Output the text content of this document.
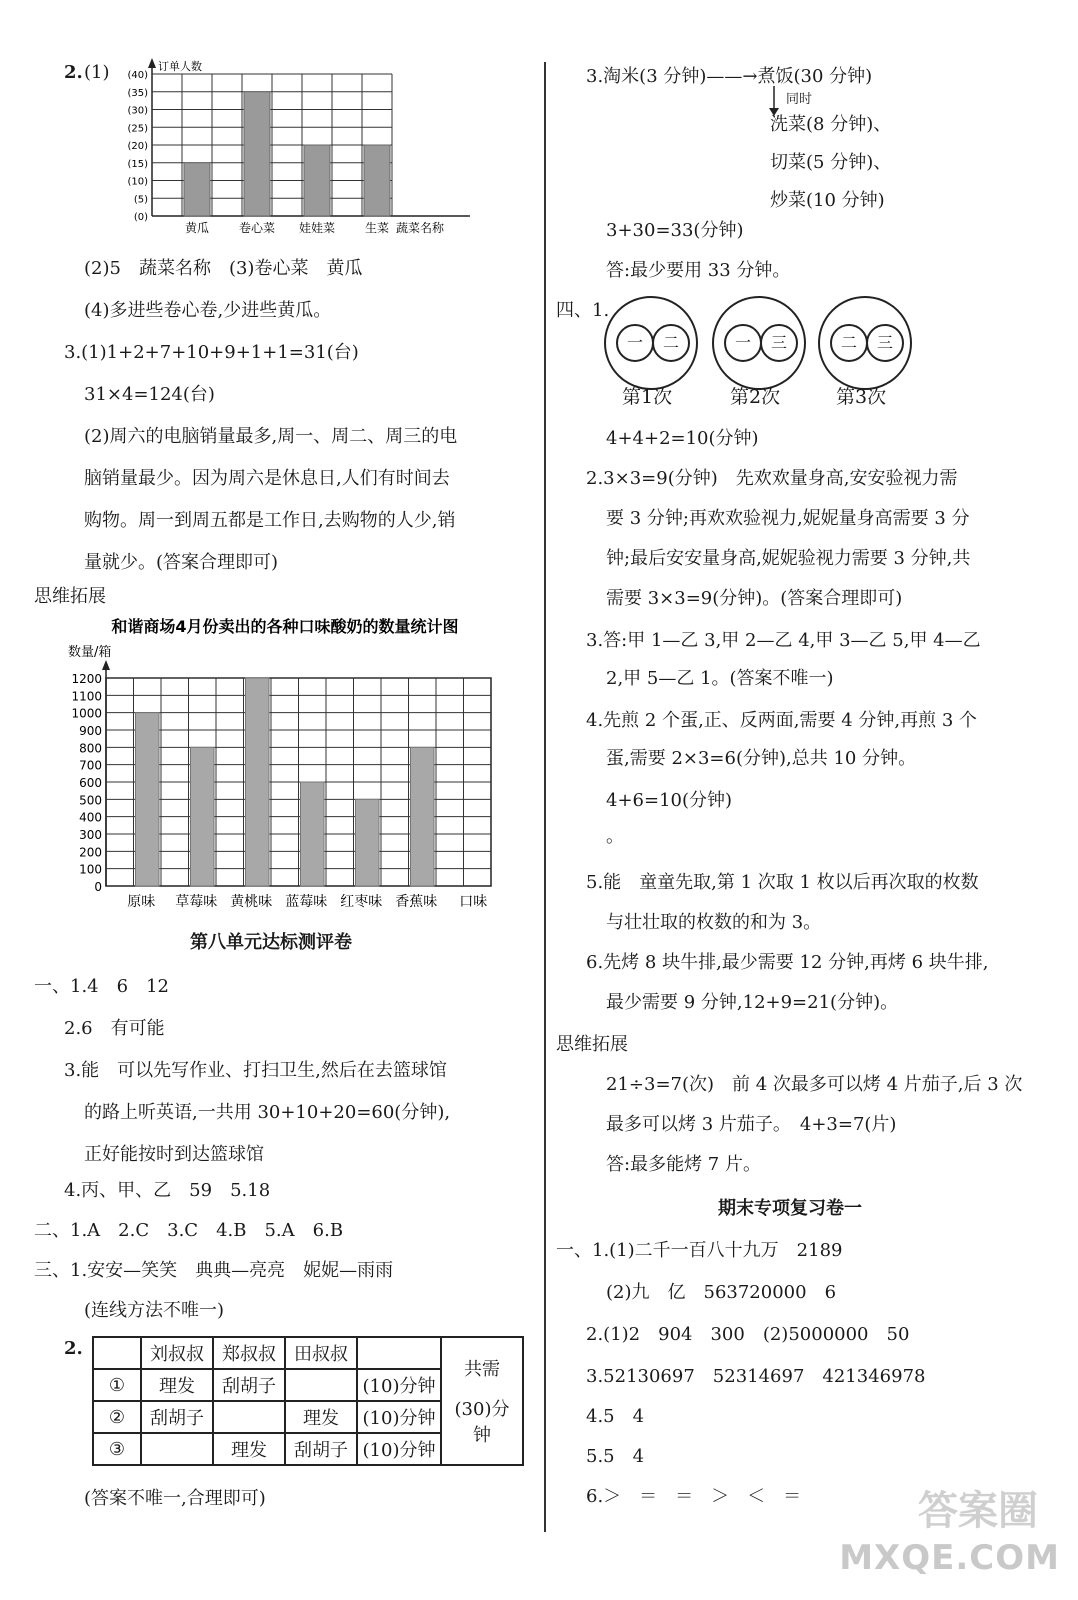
2. (1)	订单人数
(0)
(5)
(10)
(15)
(20)
(25)
(30)
(35)
(40)
黄瓜 卷心菜 娃娃菜 生菜 蔬菜名称
(2)5　蔬菜名称　(3)卷心菜　黄瓜
(4)多进些卷心卷,少进些黄瓜。
3.(1)1+2+7+10+9+1+1=31(台)
31×4=124(台)
(2)周六的电脑销量最多,周一、周二、周三的电
脑销量最少。因为周六是休息日,人们有时间去
购物。周一到周五都是工作日,去购物的人少,销
量就少。(答案合理即可)
思维拓展
和谐商场4月份卖出的各种口味酸奶的数量统计图
数量/箱
0
100
200
300
400
500
600
700
800
900
1000
1100
1200
原味 草莓味 黄桃味 蓝莓味 红枣味 香蕉味 口味
第八单元达标测评卷
一、1.4　6　12
2.6　有可能
3.能　可以先写作业、打扫卫生,然后在去篮球馆
的路上听英语,一共用 30+10+20=60(分钟),
正好能按时到达篮球馆
4.丙、甲、乙　59　5.18
二、1.A　2.C　3.C　4.B　5.A　6.B
三、1.安安—笑笑　典典—亮亮　妮妮—雨雨
(连线方法不唯一)
2.
		刘叔叔	郑叔叔	田叔叔		共需
(30)分钟

①	理发	刮胡子		(10)分钟	
②	刮胡子		理发	(10)分钟	
③		理发	刮胡子	(10)分钟	
(答案不唯一,合理即可)
3.淘米(3 分钟)——→煮饭(30 分钟)
同时
洗菜(8 分钟)、
切菜(5 分钟)、
炒菜(10 分钟)
3+30=33(分钟)
答:最少要用 33 分钟。
四、1.
一	二
第1次
一	三
第2次
二	三
第3次
4+4+2=10(分钟)
2.3×3=9(分钟)　先欢欢量身高,安安验视力需
要 3 分钟;再欢欢验视力,妮妮量身高需要 3 分
钟;最后安安量身高,妮妮验视力需要 3 分钟,共
需要 3×3=9(分钟)。(答案合理即可)
3.答:甲 1—乙 3,甲 2—乙 4,甲 3—乙 5,甲 4—乙
2,甲 5—乙 1。(答案不唯一)
4.先煎 2 个蛋,正、反两面,需要 4 分钟,再煎 3 个
蛋,需要 2×3=6(分钟),总共 10 分钟。
4+6=10(分钟)
。
5.能　童童先取,第 1 次取 1 枚以后再次取的枚数
与壮壮取的枚数的和为 3。
6.先烤 8 块牛排,最少需要 12 分钟,再烤 6 块牛排,
最少需要 9 分钟,12+9=21(分钟)。
思维拓展
21÷3=7(次)　前 4 次最多可以烤 4 片茄子,后 3 次
最多可以烤 3 片茄子。　4+3=7(片)
答:最多能烤 7 片。
期末专项复习卷一
一、1.(1)二千一百八十九万　2189
(2)九　亿　563720000　6
2.(1)2　904　300　(2)5000000　50
3.52130697　52314697　421346978
4.5　4
5.5　4
6.＞　＝　＝　＞　＜　＝	答案圈
MXQE.COM
